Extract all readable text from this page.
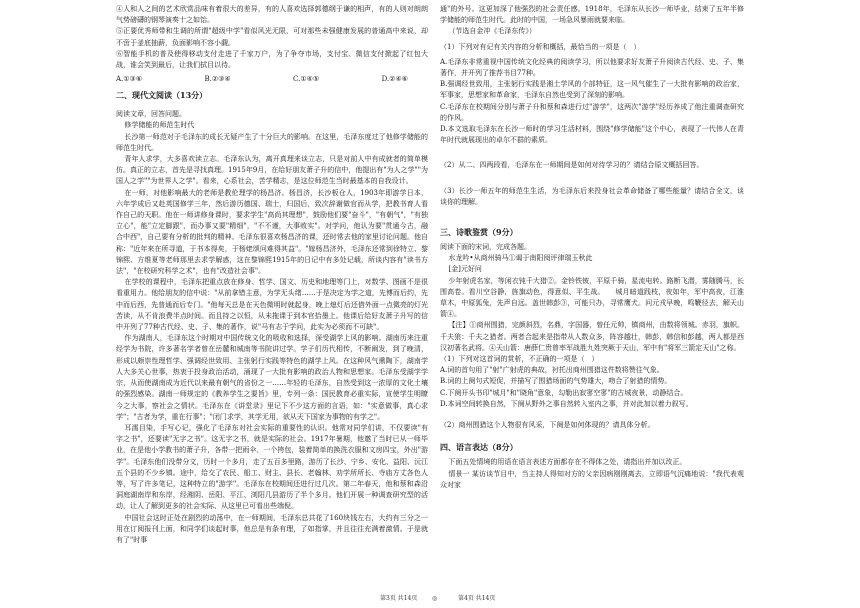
④人和人之间的艺术欣赏品味有着很大的差异，有的人喜欢选择郭德纲于谦的相声，有的人则对朗朗气势磅礴的钢琴演奏十之如饴。

⑤正要优秀师带和生调的所谓"超级中学"看似风光无限，可对那些未强健康发展的普通高中来说，却不啻于釜底抽薪，负面影响不容小觑。

⑥智能手机的普及使得移动支付走进了千家万户，为了争夺市场，支付宝、微信支付掀起了红包大战，谁会笑到最后，让我们拭目以待。

A.①③⑥	B.②③④	C.①④⑤	D.②④⑥
二、现代文阅读（13分）

阅读文章，回答问题。

修学储能的师范生时代

长沙第一师范对于毛泽东的成长无疑产生了十分巨大的影响。在这里，毛泽东度过了他修学储能的师范生时代。

青年人求学，大多喜欢读立志。毛泽东认为，离开真理来谈立志，只是对前人中有成就者的简单模仿。真正的立志，首先是寻找真理。1915年9月，在给好朋友萧子升的信中，他提出有"为人之学""为国人之学""为世界人之学"。看来，心系社会，苦学精志，是这位师范生当时最基本的自我设计。

在一师，对他影响最大的老师是教伦理学的杨昌济。杨昌济，长沙板仓人，1903年即游学日本，六年学成后又赴英国修学三年，然后游历德国、瑞士，归国后，致次辞谢做官而从学，把教书育人看作自己的天职。他在一师讲修身课时，要求学生"高尚其理想"，鼓励他们要"奋斗"，"有朝气"，"有独立心"，能"立定脚跟"，而办事又要"精细"，"不不谨，大事败实"。对学问，他认为要"贯通今古，融合中西"，自己要有分析的批判的精神。毛泽东很喜欢杨昌济的课，还时常去他的家里讨论问题。他自称："近年来在所寻道，于书本得矣，于杨姥颂问难得其益"。"嫁杨昌济外，毛泽东还常到徐特立、黎锦熙、方维夏等老师那里去求学解惑，这在黎锦熙1915年的日记中有多处记载，所谈内容有"读书方法"，"在校研究科学之术"，也有"改造社会事"。

在学校的课程中，毛泽东把重点放在修身、哲学、国文、历史和地理等门上，对数学、图画不是很看重用力。他给朋友的信中说："从前拿错主意，为学无头绪……于是决定为学之道，先博而后约，先中而后西，先普通而后专门。"他每天总是在天色微明时就起身，晚上熄灯后还借外面一点微亮的灯光苦读，从不肯浪费半点时间。而且持之以恒，从未拖课于到本官拾墨上。他课后给好友萧子升写的信中开列了77种古代经、史、子、集的著作，说"马有志于学问，此实为必须而不可缺"。

作为湖南人，毛泽东这个时期对中国传统文化的吸收和选择，深受湖学上风的影响。湖南历来注重经学为书院，许多著名学者曾在岳麓和城南等书院讲过学。学子们历代相传，不断阐发，到了晚清，形成以颇崇性理哲学、强调经世致用、主张躬行实践等特色的湖学上风。在这种风气熏陶下，湖南学人大多关心世事，热衷于投身政治活动，涌现了一大批有影响的政治人物和思想家。毛泽东受湖学学宗，从而使湖南成为近代以来最有朝气的省份之一……年轻的毛泽东，自然受到这一浓厚的文化土壤的强烈感染。湖南一师规定的《教养学生之要旨》里，专列一条：国民教育必重实际，宣使学生明瞭今之大事，察社会之情状。毛泽东在《讲堂录》里记下不少这方面的言语，如："实意做事，真心求学"；"古者为学，重在行事"；"闭门求学，其学无用，欲从天下国家为事物的有学之"。

耳濡目染，手写心记，强化了毛泽东对社会实际的重要性的认识。他常对同学们讲，不仅要读"有字之书"，还要读"无字之书"。这无字之书，就是实际的社会。1917年暑期，他邀了当时已从一师毕业，在是他小学教书的萧子升，各带一把雨伞、一个挎包，装着简单的换洗衣服和文房四宝，外出"游学"。毛泽东他们没带分文，历时一个多月，走了五百多里路，游历了长沙、宁乡、安化、益阳、沅江五个县的不少乡镇。途中，给交了农民、船工、财主、县长、老翰林、劝学所所长、寺庙方丈各色人等，写了许多笔记，这种特立的"游学"。毛泽东在校期间还进行过几次。第二年春天，他和蔡和森沿洞庭湖南岸和东岸，经湘阴、岳阳、平江、浏阳几县游历了半个多月。他们开展一种调查研究型的活动，让人了解到更多的社会实际、从这里已可看出些端倪。

中国社会这时正处在剧烈的动荡中，在一师期间，毛泽东总共花了160块钱左右，大约有三分之一用在订阅报刊上面，和同学们谈起时事，他总是有条有理，了如指掌，并且往往充满着激情。于是就有了"时事

通"的外号。这更加深了他强烈的社会责任感。1918年，毛泽东从长沙一师毕业，结束了五年半修学储能的师范生时代。此时的中国，一场急风暴雨就要来临。

（节选自金冲《毛泽东传》）

（1）下列对有记有关内容的分析和概括，最恰当的一项是（　）

A.毛泽东非常重视中国传统文化经典的阅读学习，所以他要求好友萧子升阅读古代经、史、子、集著作，并开列了推荐书目77种。

B.强调经世致用，主张躬行实践是湘土学风的个部特征，这一风气催生了一大批有影响的政治家，军事家，思想家和革命家，毛泽东自然也受到了深刻的影响。

C.毛泽东在校期间分别与萧子升和蔡和森进行过"游学"，这两次"游学"经历养成了他注重调查研究的作风。

D.本文选取毛泽东在长沙一师时的学习生活材料，围绕"修学储能"这个中心，表现了一代伟人在青年时代就展现出的卓尔不群的素质。

（2）从二、四两段看，毛泽东在一师期间是如何对待学习的？请结合原文概括回答。

（3）长沙一师五年的师范生生活，为毛泽东后来投身社会革命储备了哪些能量？请结合全文，谈谈你的理解。

三、诗歌鉴赏（9分）

阅读下面的宋词，完成各题。

水龙吟•从商州骑马①谒于南阳阅评律瑞玉秋此

[金]元好问

少年射虎名家，等闲衣钝千大猎②。金铃铁铍，平原千骑，星流电转。路断飞潜，雾随腾马，长围高卷。看川空谷静，旌旗动色，得意似、平生战。　　城月暗道践枝，夜如年，军中高夜，江淮草木，中原狐兔，先声自远。盖世韩彭③，可能只办，寻常鹰犬。问元戎早晚，鸣鞭径去，解天山箭④。

【注】①商州围猎，完颜斜烈，名鼎，字国器，曾任元帅，镇商州，由数将领城。赤羽，旗帜。千夫狼：千夫之猎者。两者合起来是指带从人数众多，阵容越壮，韩彭，韩信和彭越，两人都是西汉初著名武将。④天山箭：唐薛仁贵曾率军战胜九姓突厥于天山，军中有"将军三箭定天山"之称。

（1）下列对这首词的赏析，不正确的一项是（　）

A.词的首句用了"射"广射虎的典故，衬托出商州围猎这件数将赞往气象。

B.词的上阕句式短促，并描写了围猎场面的气势雄大，吻合了射猎的情势。

C.下阕开头书印"城月"和"晓角"意象，勾勒出寂寥空寥"的古城夜景，动静结合。

D.本词空间转换自然，下阕从野外之事自然转入室内之事，并对此加以着力叙写。

（2）商州围猎这个人物很有风采，下阕是如何体现的？请具体分析。

四、语言表达（8分）

下面五处情境的用语在语言表述方面都存在不得体之处，请指出并加以改正。

情景一 某访谈节目中，当主持人得知对方的父亲因病刚刚离去，立即语气沉痛地说："我代表观众对家

第3页 共14页 ◎	第4页 共14页
